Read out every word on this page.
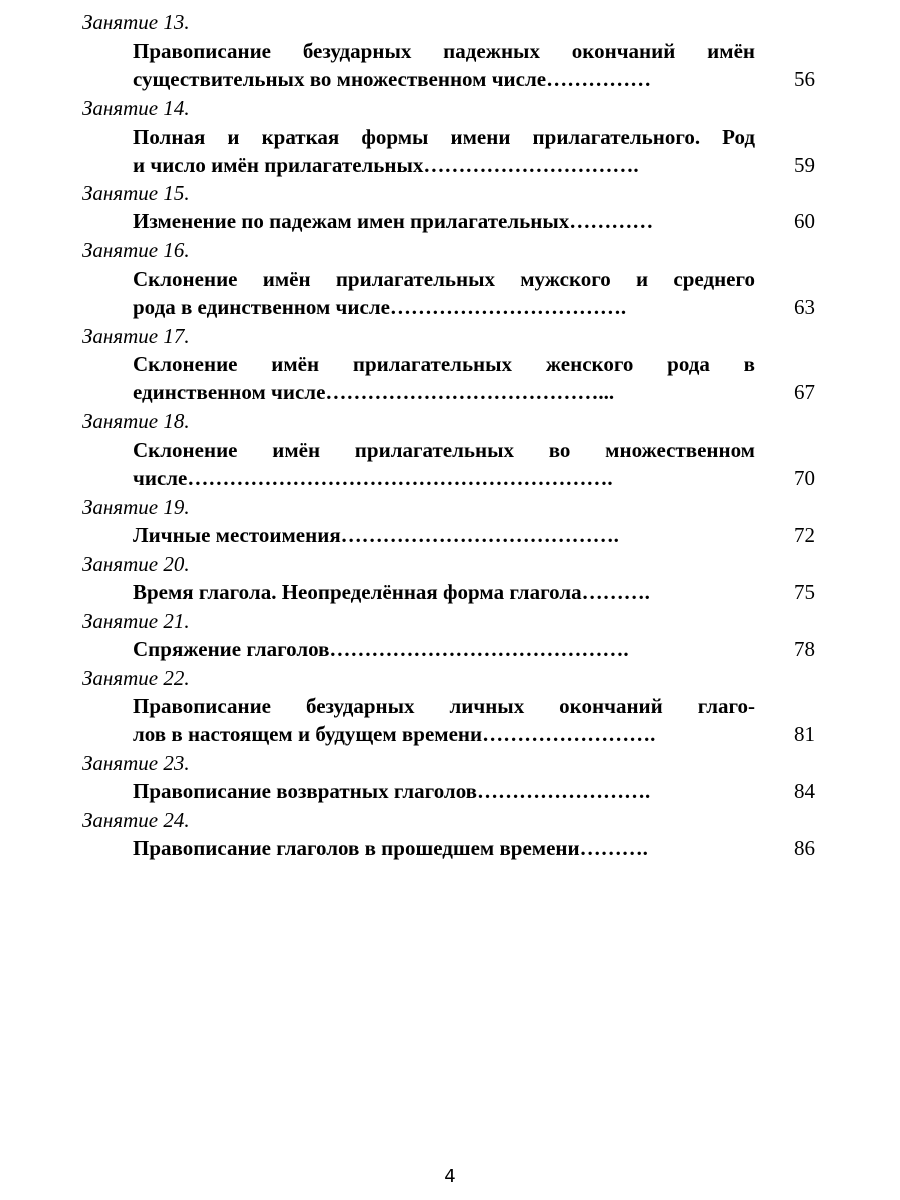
Занятие 13.
Правописание безударных падежных окончаний имён
существительных во множественном числе……………	56
Занятие 14.
Полная и краткая формы имени прилагательного. Род
и число имён прилагательных………………………….	59
Занятие 15.
Изменение по падежам имен прилагательных…………	60
Занятие 16.
Склонение имён прилагательных мужского и среднего
рода в единственном числе…………………………….	63
Занятие 17.
Склонение имён прилагательных женского рода в
единственном числе…………………………………...	67
Занятие 18.
Склонение имён прилагательных во множественном
числе…………………………………………………….	70
Занятие 19.
Личные местоимения………………………………….	72
Занятие 20.
Время глагола. Неопределённая форма глагола……….	75
Занятие 21.
Спряжение глаголов…………………………………….	78
Занятие 22.
Правописание безударных личных окончаний глаго-
лов в настоящем и будущем времени…………………….	81
Занятие 23.
Правописание возвратных глаголов…………………….	84
Занятие 24.
Правописание глаголов в прошедшем времени……….	86
4
